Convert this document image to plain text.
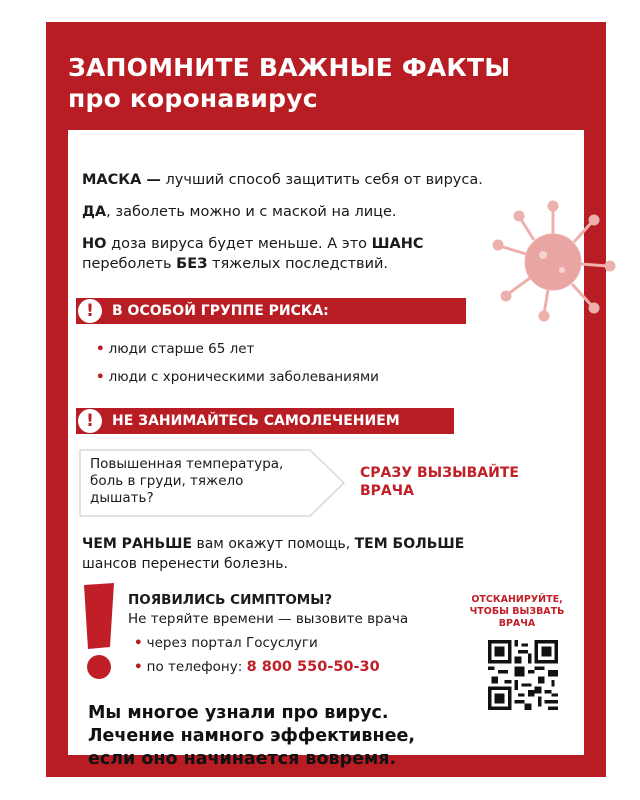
ЗАПОМНИТЕ ВАЖНЫЕ ФАКТЫ
про коронавирус
МАСКА — лучший способ защитить себя от вируса.
ДА, заболеть можно и с маской на лице.
НО доза вируса будет меньше. А это ШАНС
переболеть БЕЗ тяжелых последствий.
!	В ОСОБОЙ ГРУППЕ РИСКА:
• люди старше 65 лет
• люди с хроническими заболеваниями
!	НЕ ЗАНИМАЙТЕСЬ САМОЛЕЧЕНИЕМ
Повышенная температура,
боль в груди, тяжело
дышать?
СРАЗУ ВЫЗЫВАЙТЕ
ВРАЧА
ЧЕМ РАНЬШЕ вам окажут помощь, ТЕМ БОЛЬШЕ
шансов перенести болезнь.
ПОЯВИЛИСЬ СИМПТОМЫ?
Не теряйте времени — вызовите врача
• через портал Госуслуги
• по телефону: 8 800 550-50-30
ОТСКАНИРУЙТЕ,
ЧТОБЫ ВЫЗВАТЬ
ВРАЧА
Мы многое узнали про вирус.
Лечение намного эффективнее,
если оно начинается вовремя.
